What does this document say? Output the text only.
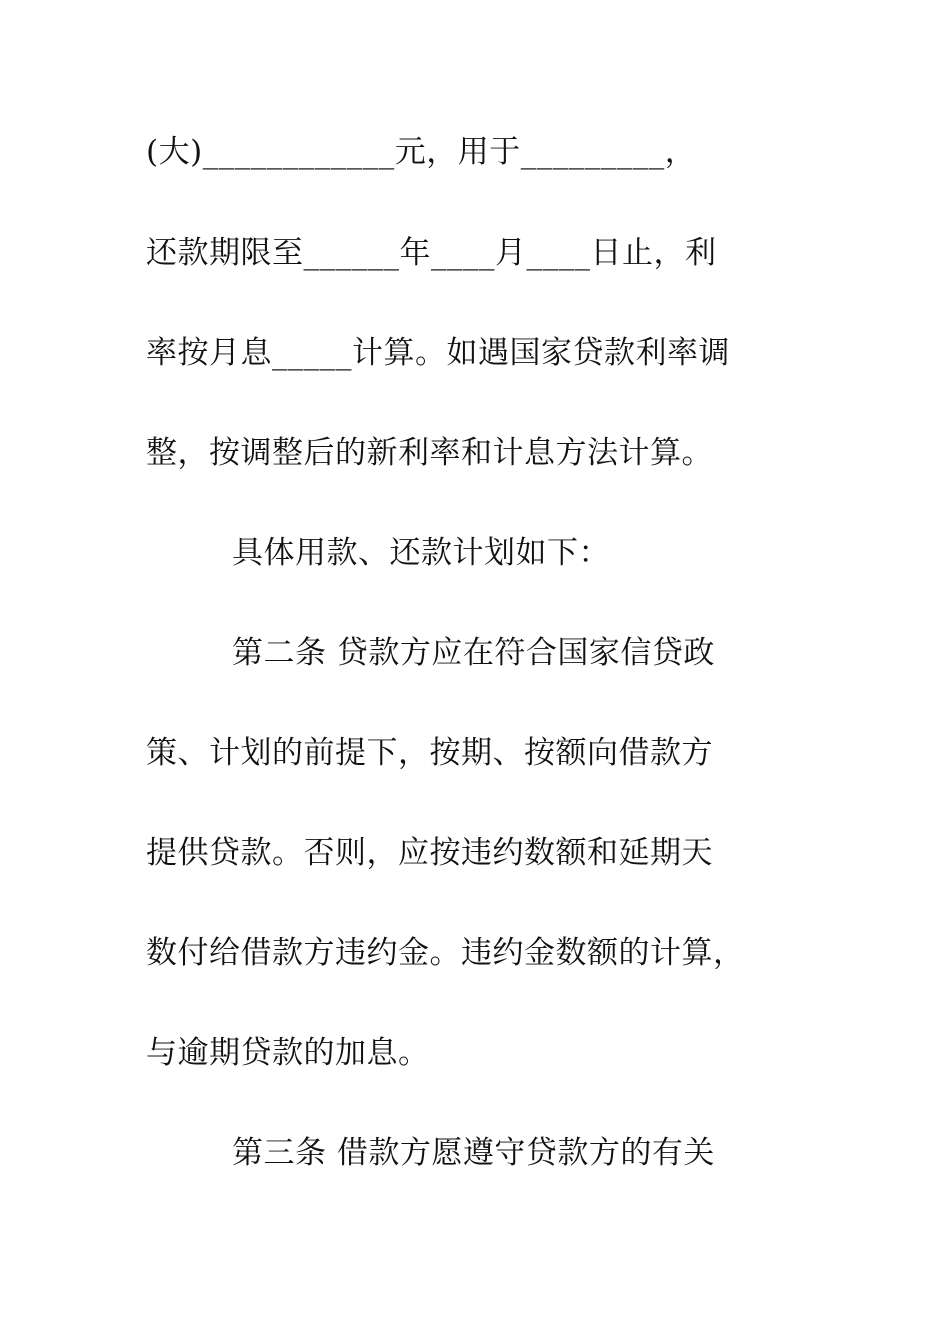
(大)____________元，用于_________，
还款期限至______年____月____日止，利
率按月息_____计算。如遇国家贷款利率调
整，按调整后的新利率和计息方法计算。
具体用款、还款计划如下：
第二条 贷款方应在符合国家信贷政
策、计划的前提下，按期、按额向借款方
提供贷款。否则，应按违约数额和延期天
数付给借款方违约金。违约金数额的计算，
与逾期贷款的加息。
第三条 借款方愿遵守贷款方的有关
